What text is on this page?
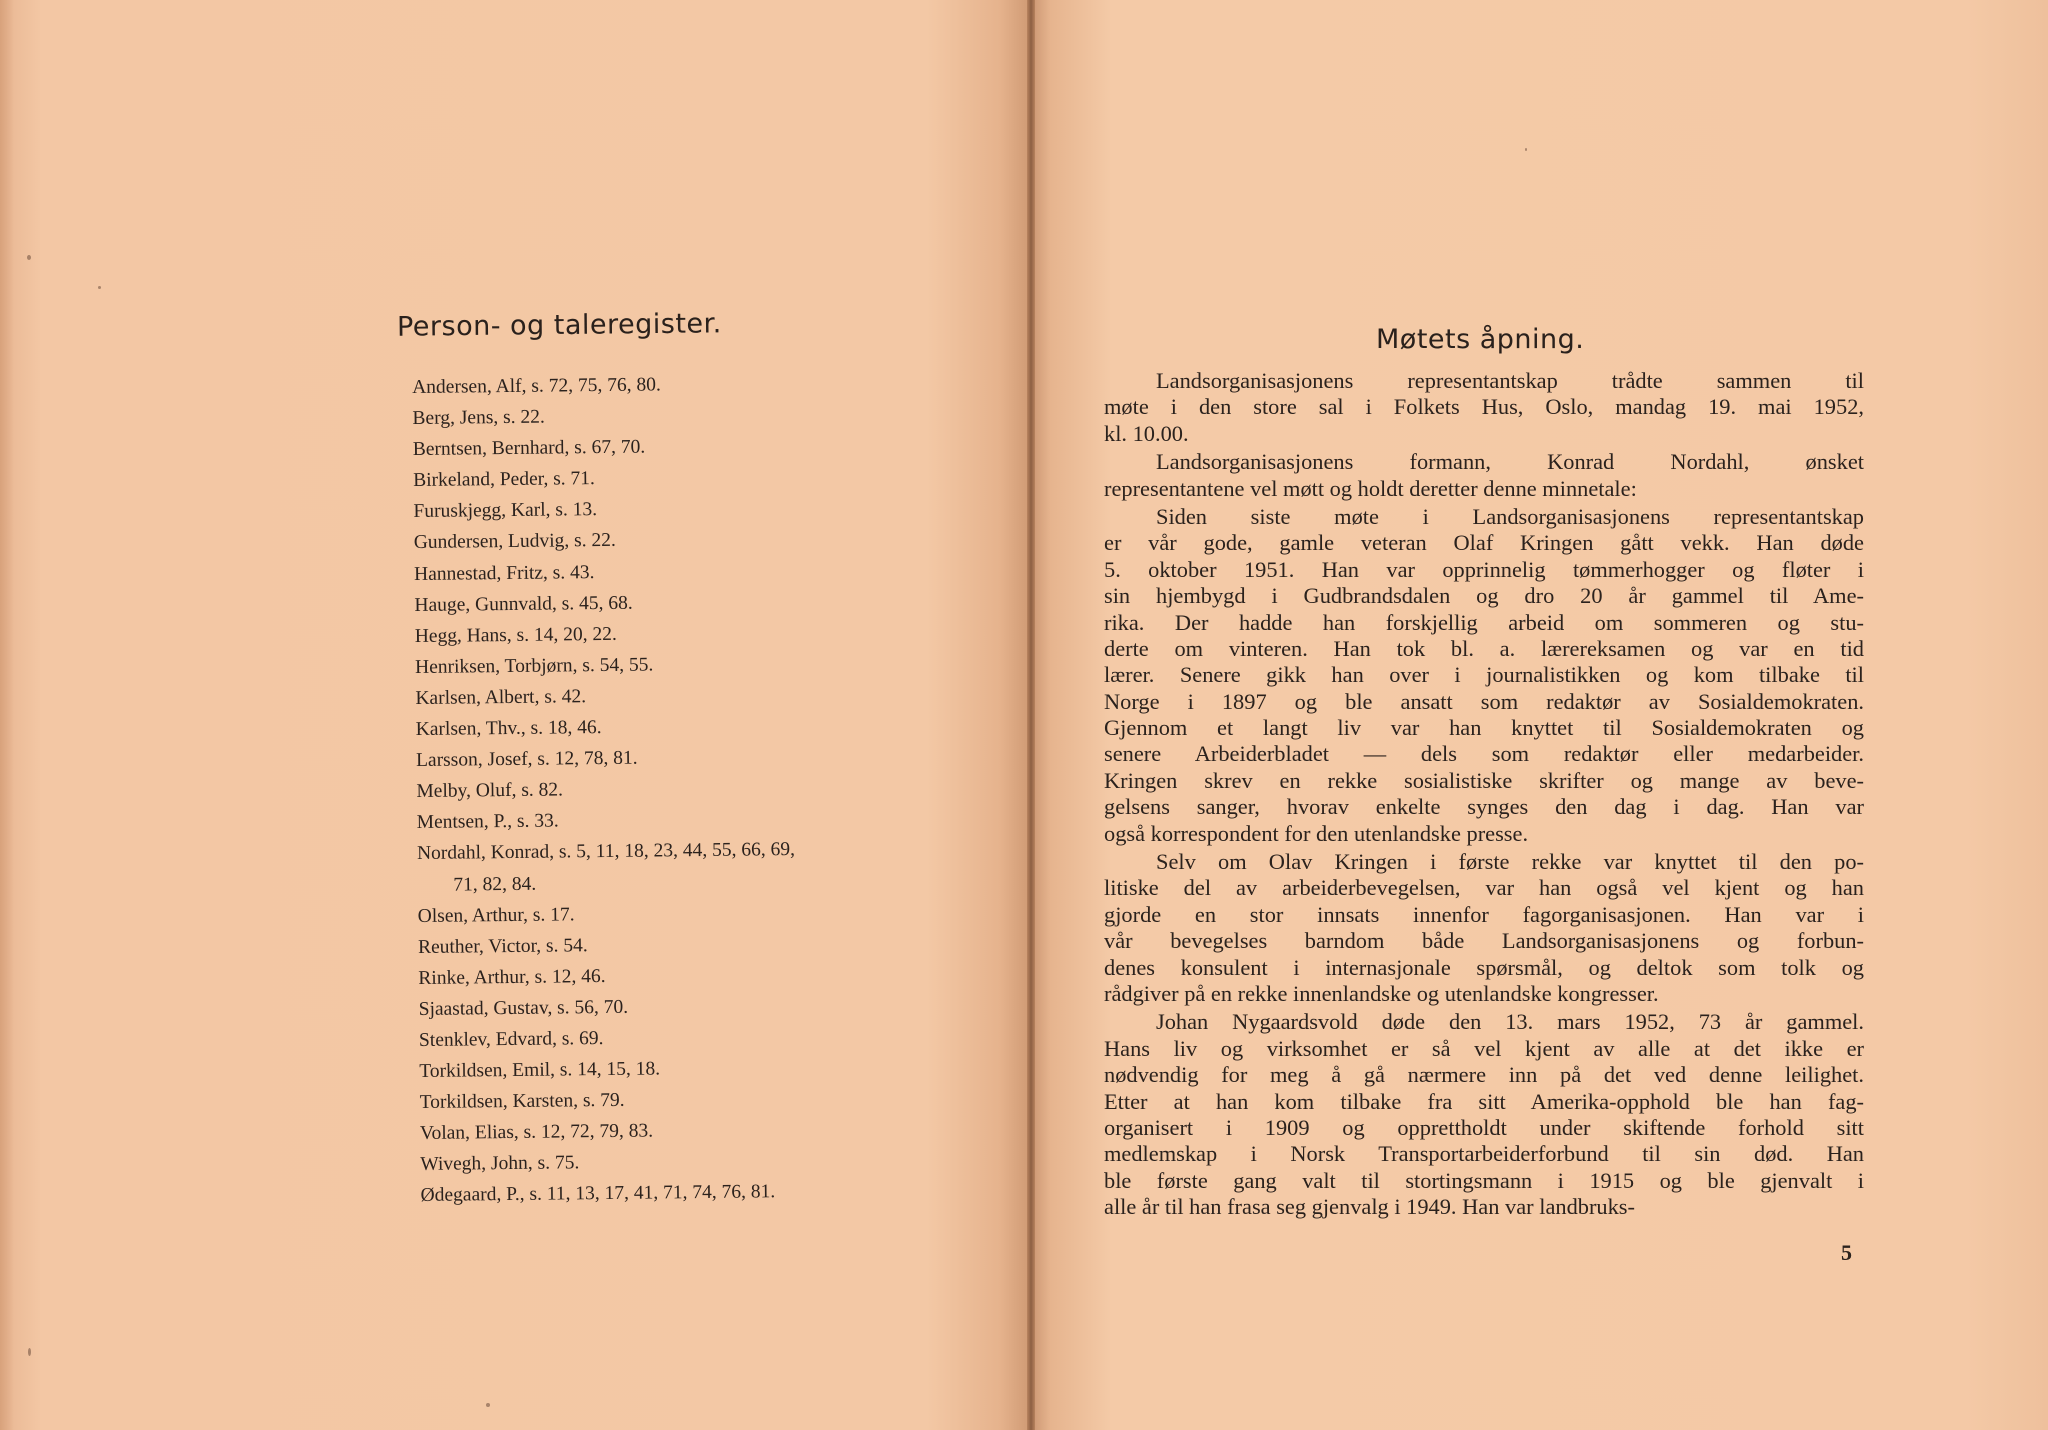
Person- og taleregister.
Andersen, Alf, s. 72, 75, 76, 80.
Berg, Jens, s. 22.
Berntsen, Bernhard, s. 67, 70.
Birkeland, Peder, s. 71.
Furuskjegg, Karl, s. 13.
Gundersen, Ludvig, s. 22.
Hannestad, Fritz, s. 43.
Hauge, Gunnvald, s. 45, 68.
Hegg, Hans, s. 14, 20, 22.
Henriksen, Torbjørn, s. 54, 55.
Karlsen, Albert, s. 42.
Karlsen, Thv., s. 18, 46.
Larsson, Josef, s. 12, 78, 81.
Melby, Oluf, s. 82.
Mentsen, P., s. 33.
Nordahl, Konrad, s. 5, 11, 18, 23, 44, 55, 66, 69,
71, 82, 84.
Olsen, Arthur, s. 17.
Reuther, Victor, s. 54.
Rinke, Arthur, s. 12, 46.
Sjaastad, Gustav, s. 56, 70.
Stenklev, Edvard, s. 69.
Torkildsen, Emil, s. 14, 15, 18.
Torkildsen, Karsten, s. 79.
Volan, Elias, s. 12, 72, 79, 83.
Wivegh, John, s. 75.
Ødegaard, P., s. 11, 13, 17, 41, 71, 74, 76, 81.
Møtets åpning.
Landsorganisasjonens representantskap trådte sammen til
møte i den store sal i Folkets Hus, Oslo, mandag 19. mai 1952,
kl. 10.00.
Landsorganisasjonens formann, Konrad Nordahl, ønsket
representantene vel møtt og holdt deretter denne minnetale:
Siden siste møte i Landsorganisasjonens representantskap
er vår gode, gamle veteran Olaf Kringen gått vekk. Han døde
5. oktober 1951. Han var opprinnelig tømmerhogger og fløter i
sin hjembygd i Gudbrandsdalen og dro 20 år gammel til Ame-
rika. Der hadde han forskjellig arbeid om sommeren og stu-
derte om vinteren. Han tok bl. a. lærereksamen og var en tid
lærer. Senere gikk han over i journalistikken og kom tilbake til
Norge i 1897 og ble ansatt som redaktør av Sosialdemokraten.
Gjennom et langt liv var han knyttet til Sosialdemokraten og
senere Arbeiderbladet — dels som redaktør eller medarbeider.
Kringen skrev en rekke sosialistiske skrifter og mange av beve-
gelsens sanger, hvorav enkelte synges den dag i dag. Han var
også korrespondent for den utenlandske presse.
Selv om Olav Kringen i første rekke var knyttet til den po-
litiske del av arbeiderbevegelsen, var han også vel kjent og han
gjorde en stor innsats innenfor fagorganisasjonen. Han var i
vår bevegelses barndom både Landsorganisasjonens og forbun-
denes konsulent i internasjonale spørsmål, og deltok som tolk og
rådgiver på en rekke innenlandske og utenlandske kongresser.
Johan Nygaardsvold døde den 13. mars 1952, 73 år gammel.
Hans liv og virksomhet er så vel kjent av alle at det ikke er
nødvendig for meg å gå nærmere inn på det ved denne leilighet.
Etter at han kom tilbake fra sitt Amerika-opphold ble han fag-
organisert i 1909 og opprettholdt under skiftende forhold sitt
medlemskap i Norsk Transportarbeiderforbund til sin død. Han
ble første gang valt til stortingsmann i 1915 og ble gjenvalt i
alle år til han frasa seg gjenvalg i 1949. Han var landbruks-
5
